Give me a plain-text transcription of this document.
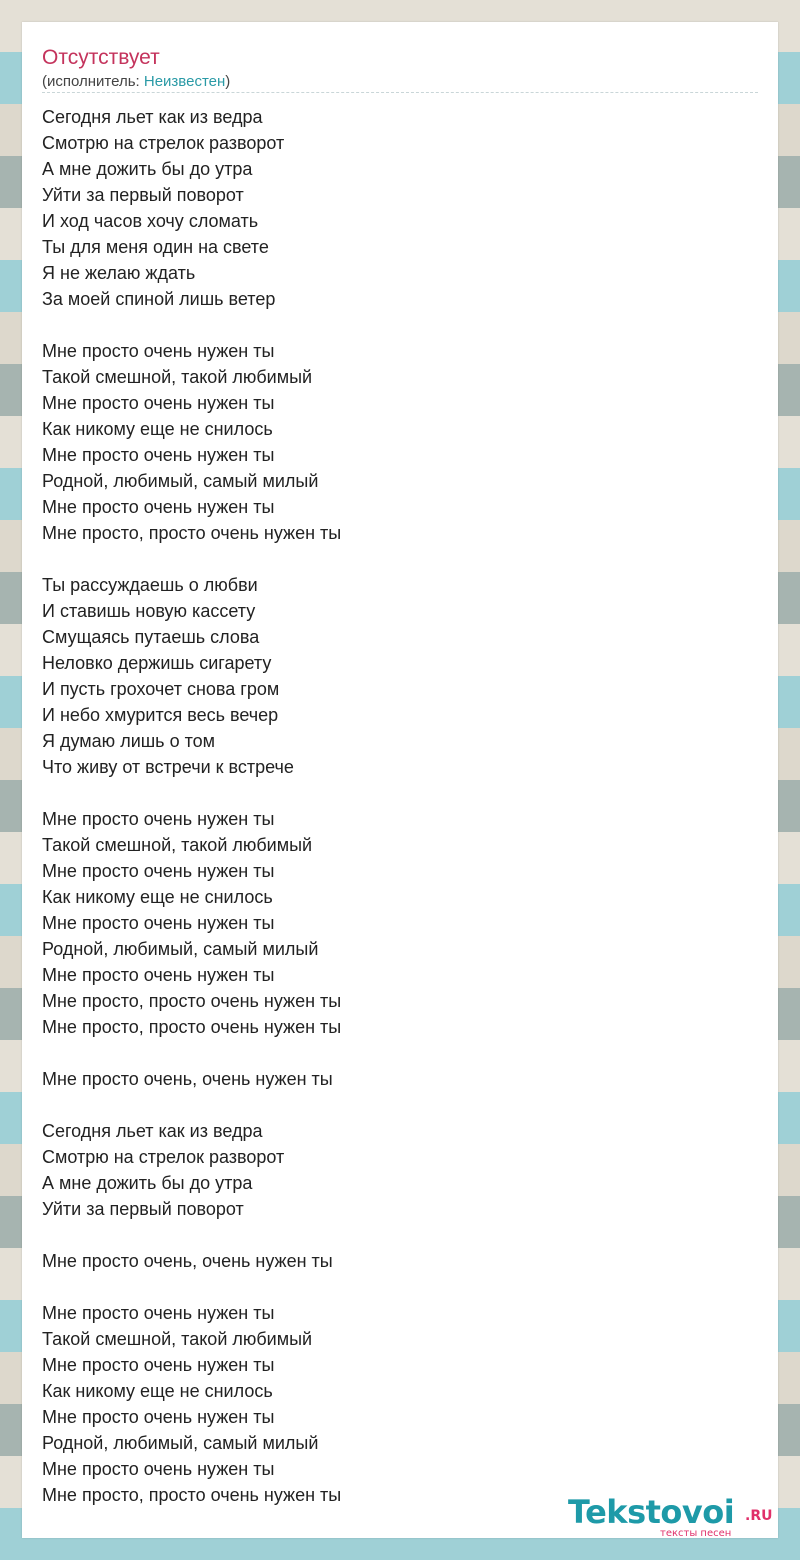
Отсутствует
(исполнитель: Неизвестен)
Сегодня льет как из ведра
Смотрю на стрелок разворот
А мне дожить бы до утра
Уйти за первый поворот
И ход часов хочу сломать
Ты для меня один на свете
Я не желаю ждать
За моей спиной лишь ветер

Мне просто очень нужен ты
Такой смешной, такой любимый
Мне просто очень нужен ты
Как никому еще не снилось
Мне просто очень нужен ты
Родной, любимый, самый милый
Мне просто очень нужен ты
Мне просто, просто очень нужен ты

Ты рассуждаешь о любви
И ставишь новую кассету
Смущаясь путаешь слова
Неловко держишь сигарету
И пусть грохочет снова гром
И небо хмурится весь вечер
Я думаю лишь о том
Что живу от встречи к встрече

Мне просто очень нужен ты
Такой смешной, такой любимый
Мне просто очень нужен ты
Как никому еще не снилось
Мне просто очень нужен ты
Родной, любимый, самый милый
Мне просто очень нужен ты
Мне просто, просто очень нужен ты
Мне просто, просто очень нужен ты

Мне просто очень, очень нужен ты

Сегодня льет как из ведра
Смотрю на стрелок разворот
А мне дожить бы до утра
Уйти за первый поворот

Мне просто очень, очень нужен ты

Мне просто очень нужен ты
Такой смешной, такой любимый
Мне просто очень нужен ты
Как никому еще не снилось
Мне просто очень нужен ты
Родной, любимый, самый милый
Мне просто очень нужен ты
Мне просто, просто очень нужен ты	Tekstovoi .RU
тексты песен
